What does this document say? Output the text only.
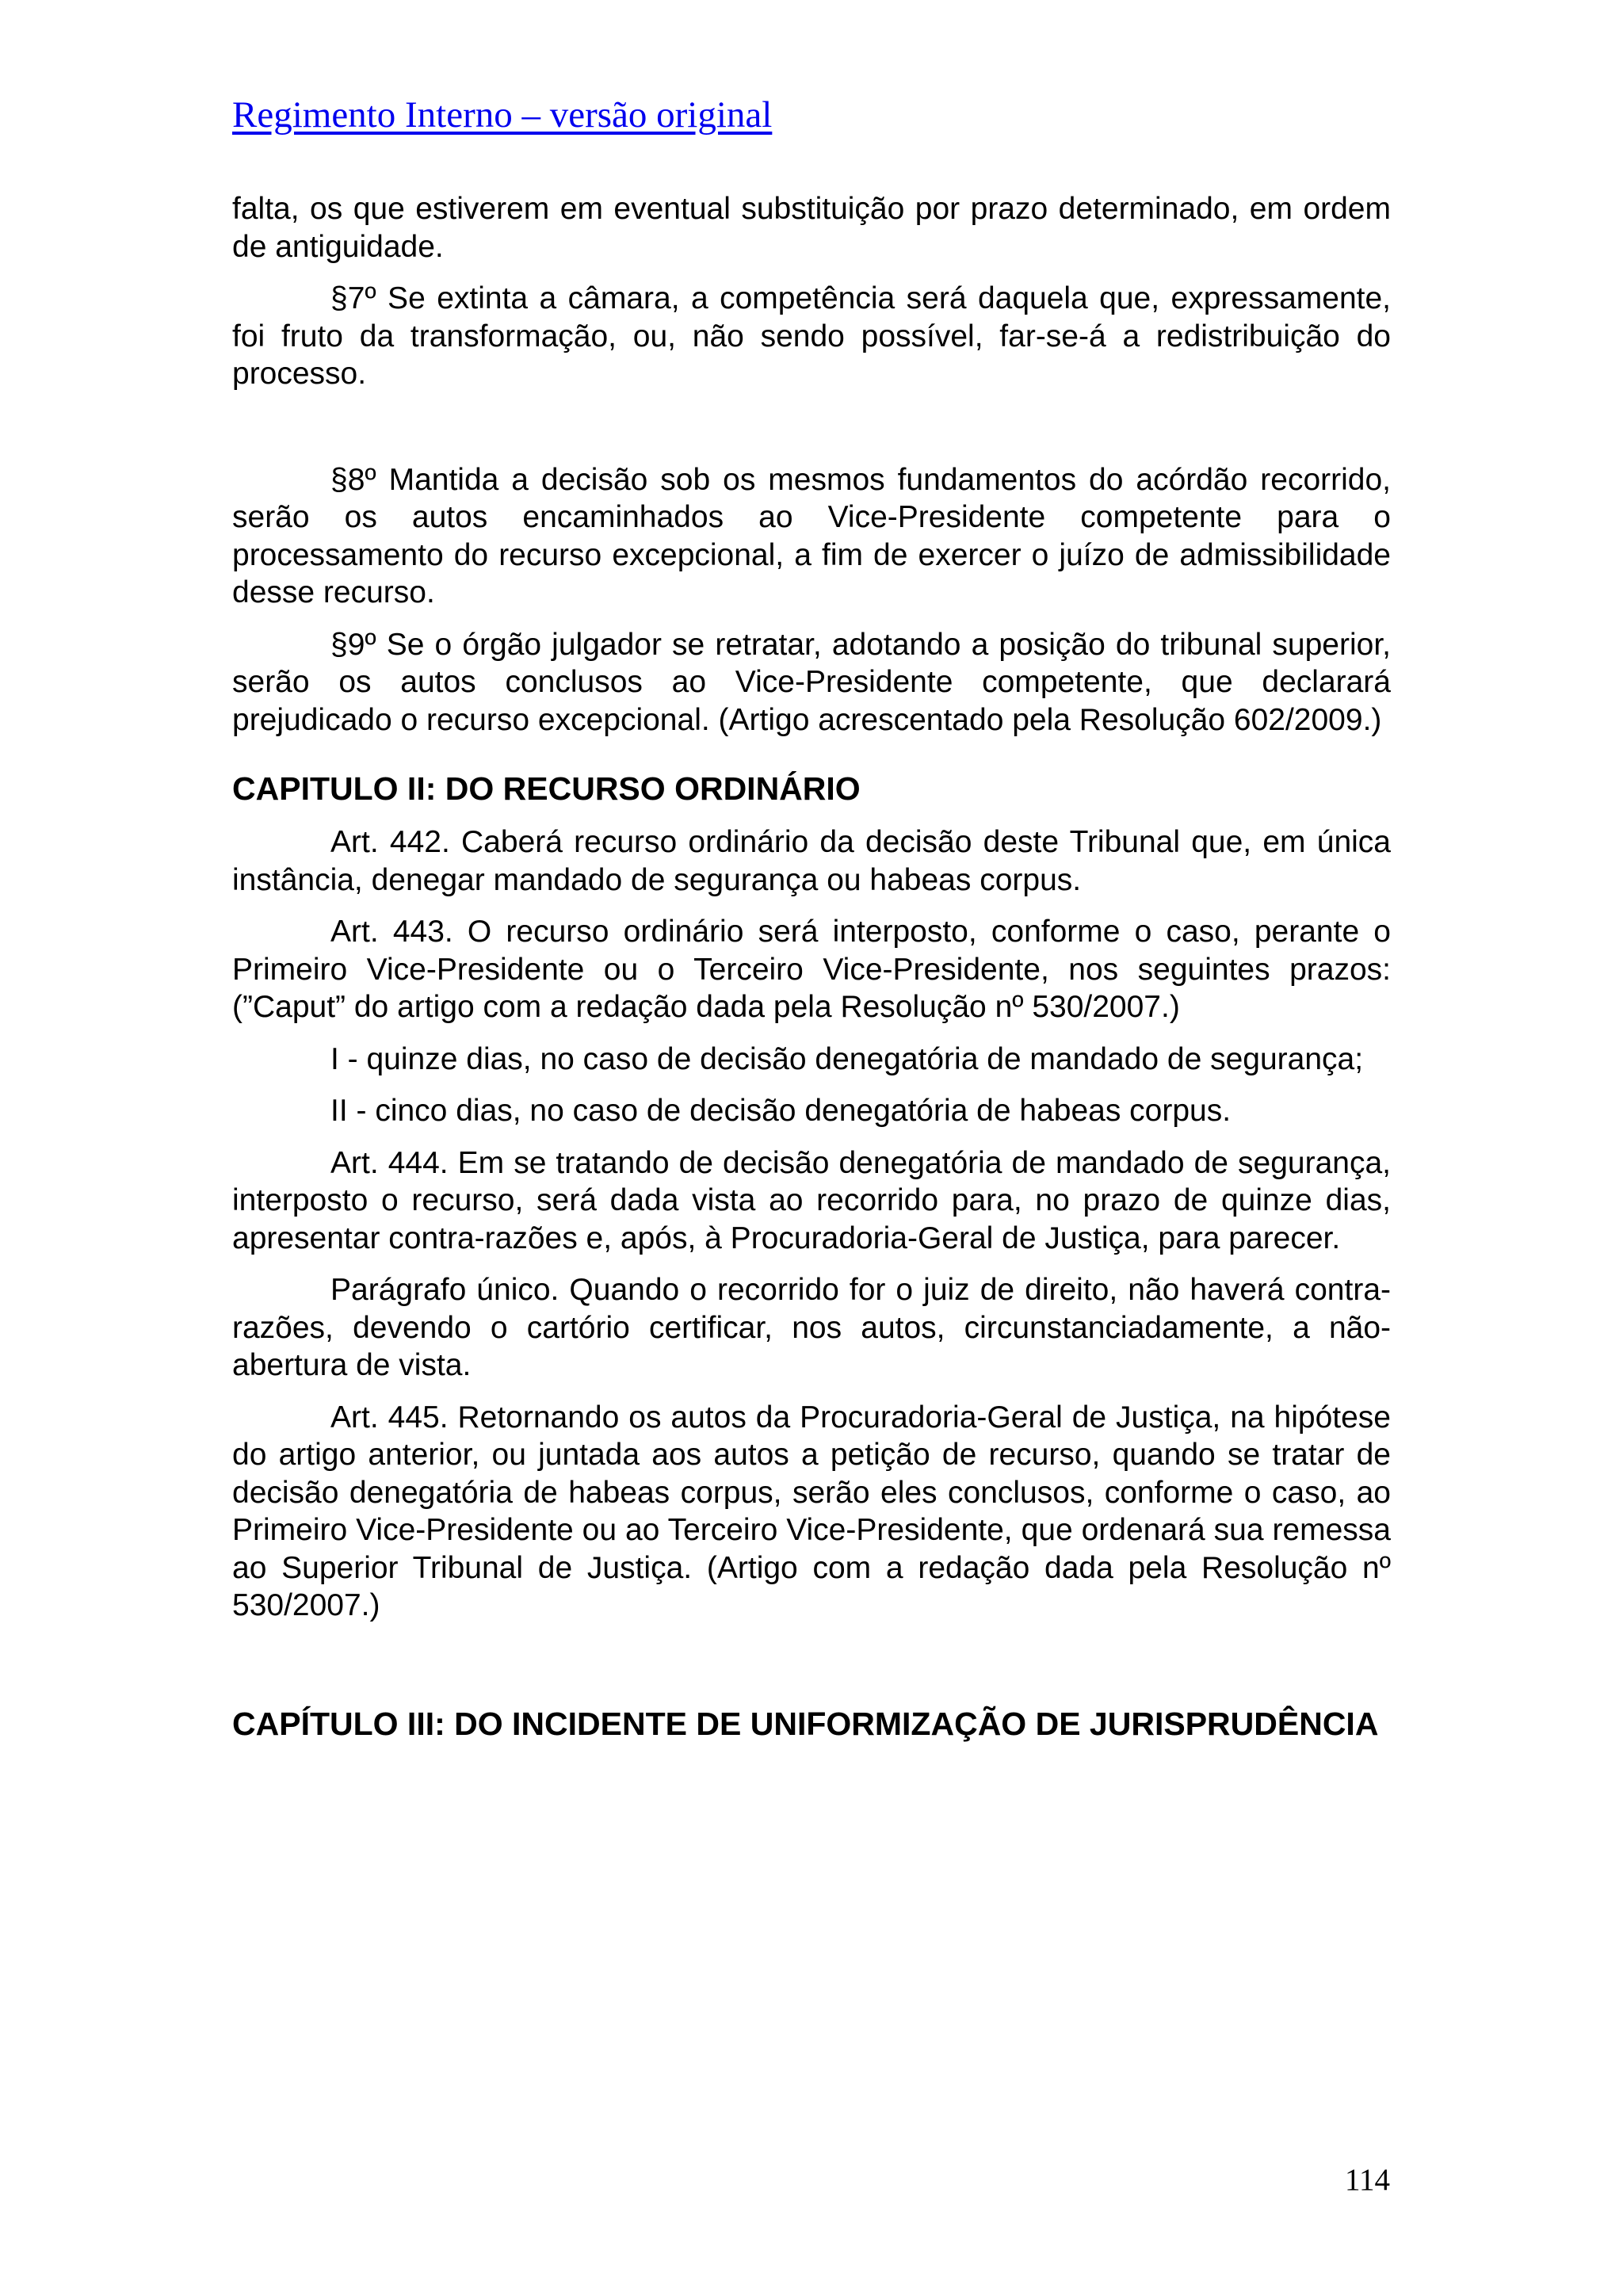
Regimento Interno – versão original

falta, os que estiverem em eventual substituição por prazo determinado, em ordem de antiguidade.

§7º Se extinta a câmara, a competência será daquela que, expressamente, foi fruto da transformação, ou, não sendo possível, far-se-á a redistribuição do processo.

§8º Mantida a decisão sob os mesmos fundamentos do acórdão recorrido, serão os autos encaminhados ao Vice-Presidente competente para o processamento do recurso excepcional, a fim de exercer o juízo de admissibilidade desse recurso.

§9º Se o órgão julgador se retratar, adotando a posição do tribunal superior, serão os autos conclusos ao Vice-Presidente competente, que declarará prejudicado o recurso excepcional. (Artigo acrescentado pela Resolução 602/2009.)

CAPITULO II: DO RECURSO ORDINÁRIO

Art. 442. Caberá recurso ordinário da decisão deste Tribunal que, em única instância, denegar mandado de segurança ou habeas corpus.

Art. 443. O recurso ordinário será interposto, conforme o caso, perante o Primeiro Vice-Presidente ou o Terceiro Vice-Presidente, nos seguintes prazos: (”Caput” do artigo com a redação dada pela Resolução nº 530/2007.)

I - quinze dias, no caso de decisão denegatória de mandado de segurança;

II - cinco dias, no caso de decisão denegatória de habeas corpus.

Art. 444. Em se tratando de decisão denegatória de mandado de segurança, interposto o recurso, será dada vista ao recorrido para, no prazo de quinze dias, apresentar contra-razões e, após, à Procuradoria-Geral de Justiça, para parecer.

Parágrafo único. Quando o recorrido for o juiz de direito, não haverá contra-razões, devendo o cartório certificar, nos autos, circunstanciadamente, a não-abertura de vista.

Art. 445. Retornando os autos da Procuradoria-Geral de Justiça, na hipótese do artigo anterior, ou juntada aos autos a petição de recurso, quando se tratar de decisão denegatória de habeas corpus, serão eles conclusos, conforme o caso, ao Primeiro Vice-Presidente ou ao Terceiro Vice-Presidente, que ordenará sua remessa ao Superior Tribunal de Justiça. (Artigo com a redação dada pela Resolução nº 530/2007.)

CAPÍTULO III: DO INCIDENTE DE UNIFORMIZAÇÃO DE JURISPRUDÊNCIA
114
